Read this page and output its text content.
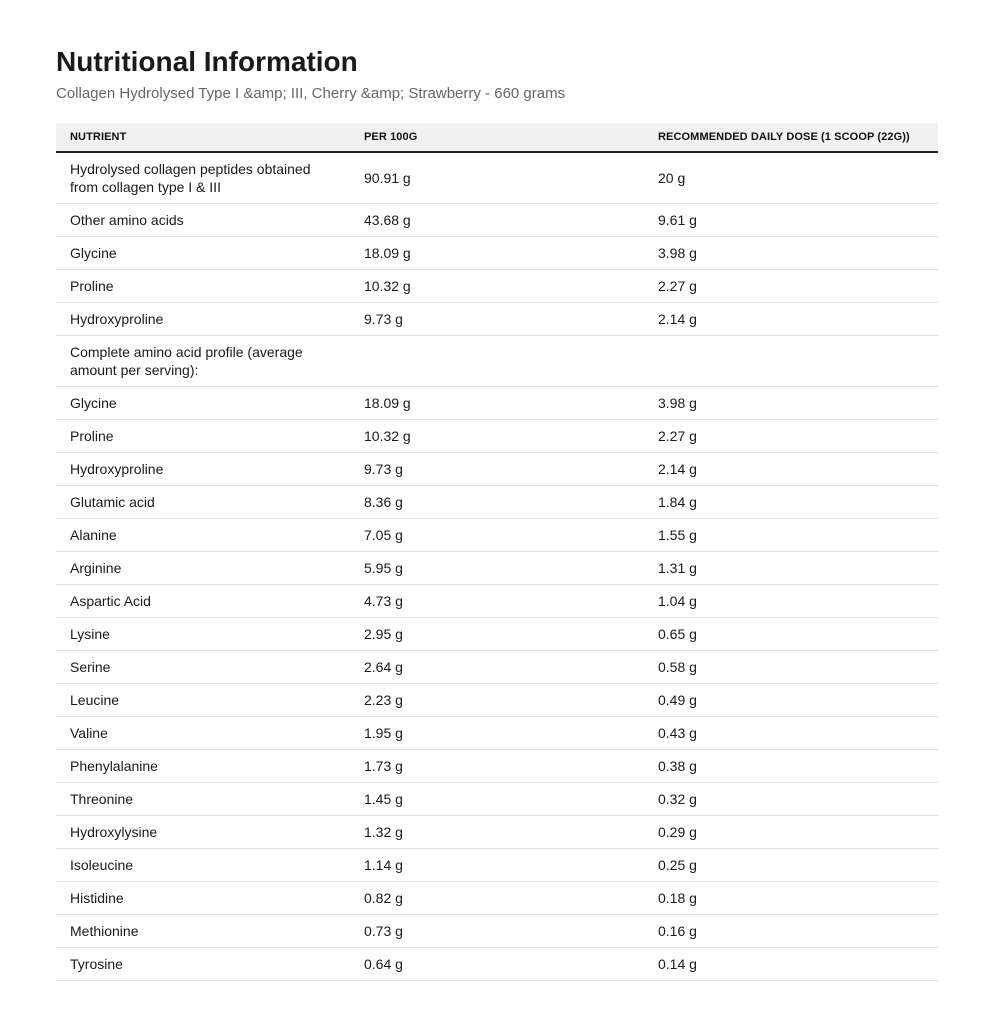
Nutritional Information
Collagen Hydrolysed Type I &amp; III, Cherry &amp; Strawberry - 660 grams
NUTRIENT	PER 100G	RECOMMENDED DAILY DOSE (1 SCOOP (22G))
Hydrolysed collagen peptides obtained from collagen type I & III	90.91 g	20 g
Other amino acids	43.68 g	9.61 g
Glycine	18.09 g	3.98 g
Proline	10.32 g	2.27 g
Hydroxyproline	9.73 g	2.14 g
Complete amino acid profile (average amount per serving):		
Glycine	18.09 g	3.98 g
Proline	10.32 g	2.27 g
Hydroxyproline	9.73 g	2.14 g
Glutamic acid	8.36 g	1.84 g
Alanine	7.05 g	1.55 g
Arginine	5.95 g	1.31 g
Aspartic Acid	4.73 g	1.04 g
Lysine	2.95 g	0.65 g
Serine	2.64 g	0.58 g
Leucine	2.23 g	0.49 g
Valine	1.95 g	0.43 g
Phenylalanine	1.73 g	0.38 g
Threonine	1.45 g	0.32 g
Hydroxylysine	1.32 g	0.29 g
Isoleucine	1.14 g	0.25 g
Histidine	0.82 g	0.18 g
Methionine	0.73 g	0.16 g
Tyrosine	0.64 g	0.14 g
